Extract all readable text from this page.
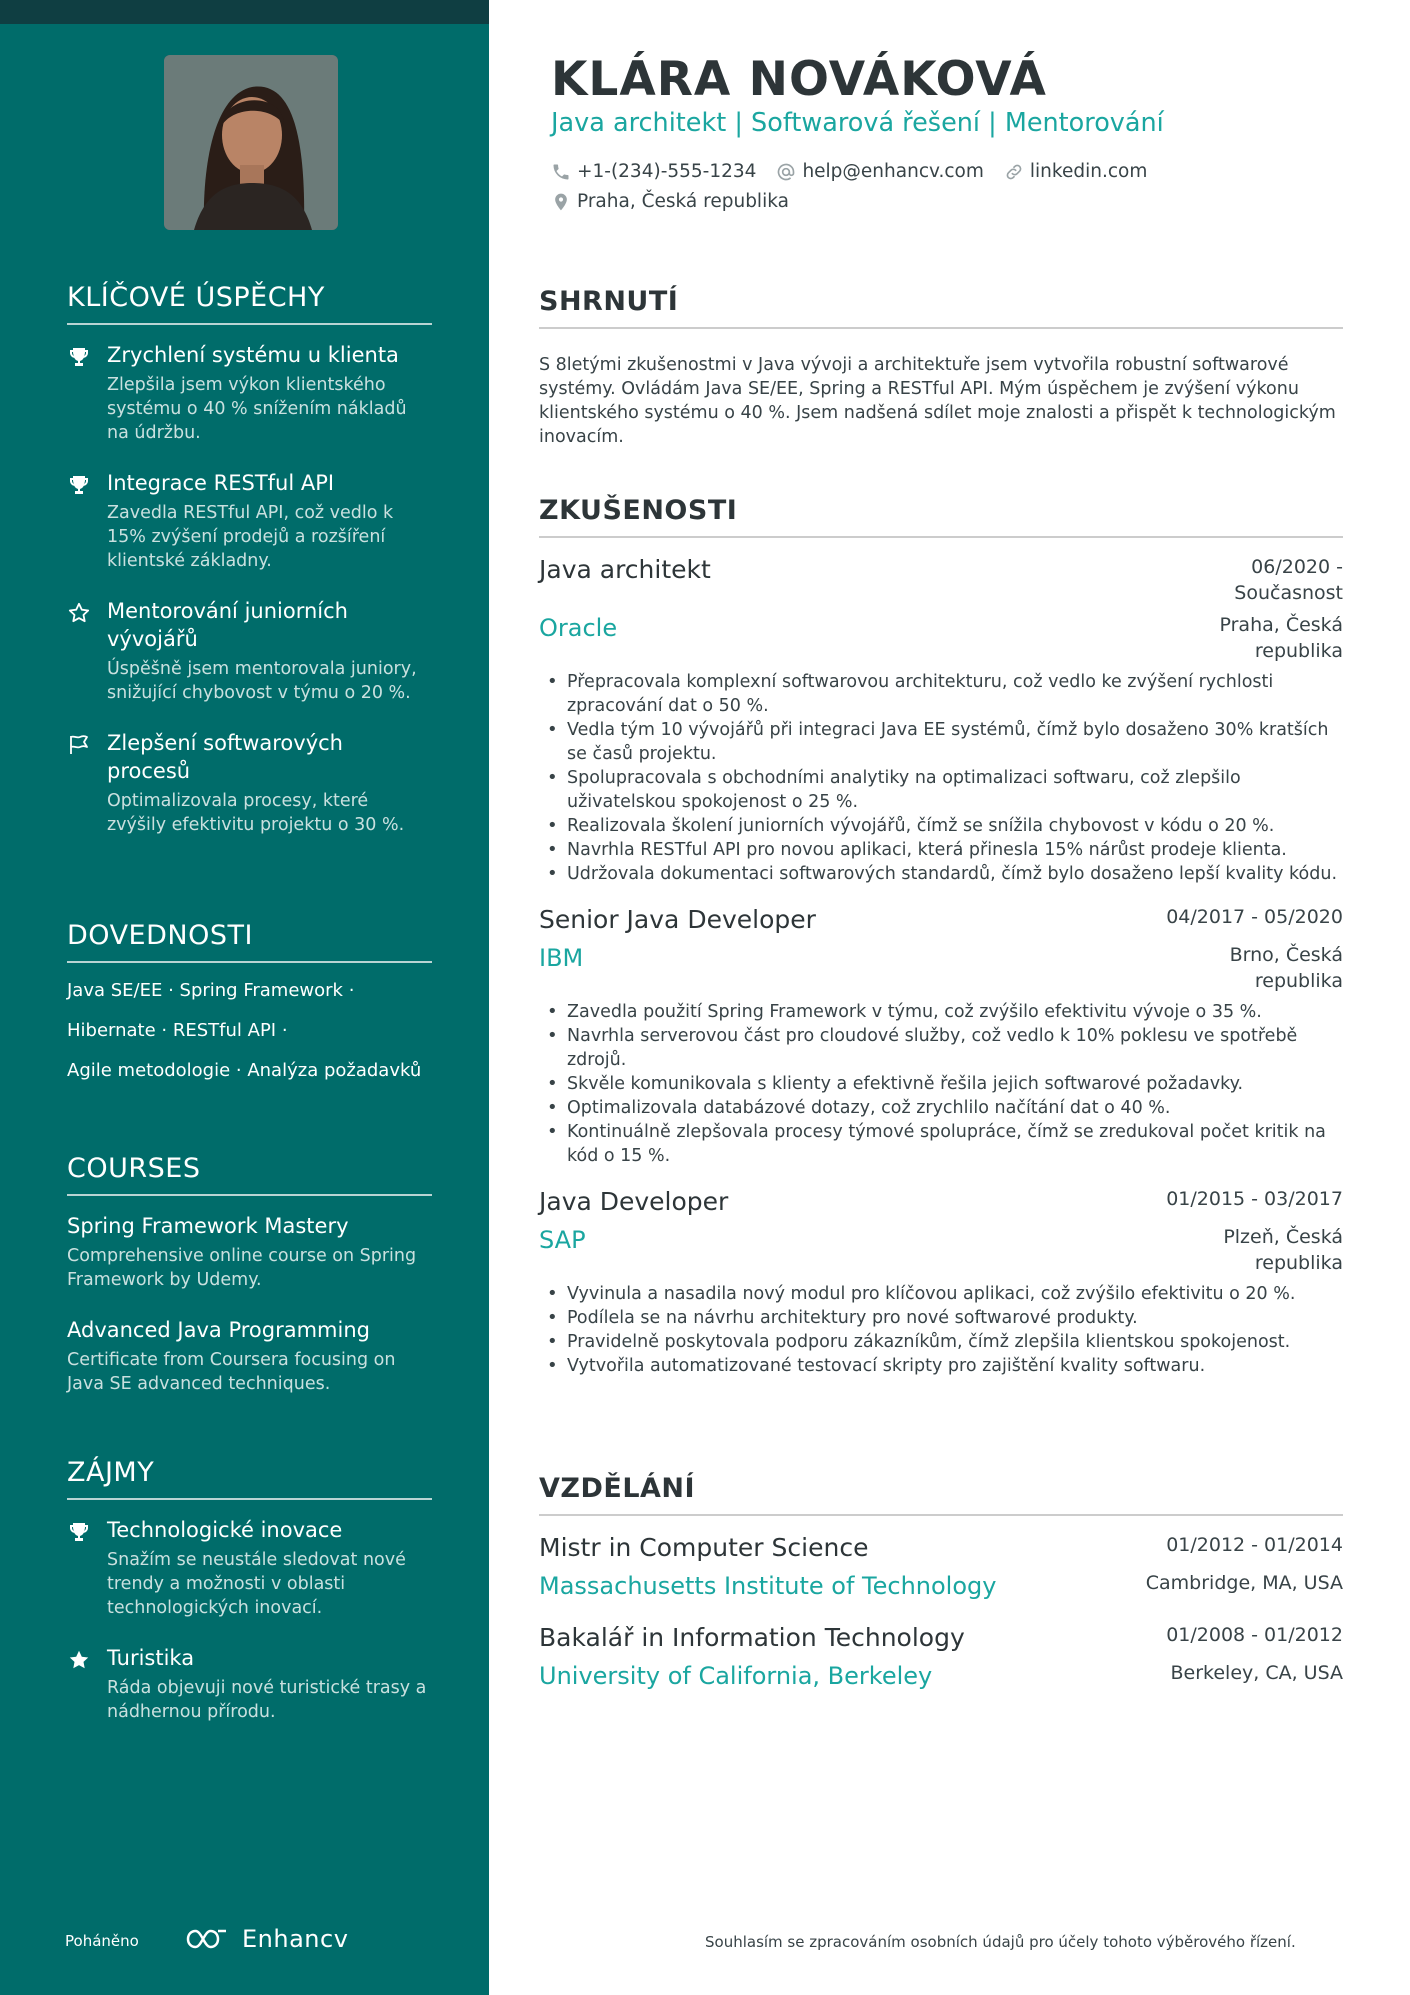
KLÍČOVÉ ÚSPĚCHY
Zrychlení systému u klienta
Zlepšila jsem výkon klientského systému o 40 % snížením nákladů na údržbu.
Integrace RESTful API
Zavedla RESTful API, což vedlo k 15% zvýšení prodejů a rozšíření klientské základny.
Mentorování juniorních vývojářů
Úspěšně jsem mentorovala juniory, snižující chybovost v týmu o 20 %.
Zlepšení softwarových procesů
Optimalizovala procesy, které zvýšily efektivitu projektu o 30 %.
DOVEDNOSTI
Java SE/EE · Spring Framework ·
Hibernate · RESTful API ·
Agile metodologie · Analýza požadavků
COURSES
Spring Framework Mastery
Comprehensive online course on Spring Framework by Udemy.
Advanced Java Programming
Certificate from Coursera focusing on Java SE advanced techniques.
ZÁJMY
Technologické inovace
Snažím se neustále sledovat nové trendy a možnosti v oblasti technologických inovací.
Turistika
Ráda objevuji nové turistické trasy a nádhernou přírodu.
Poháněno	Enhancv
KLÁRA NOVÁKOVÁ
Java architekt | Softwarová řešení | Mentorování
+1-(234)-555-1234 help@enhancv.com linkedin.com
Praha, Česká republika
SHRNUTÍ

S 8letými zkušenostmi v Java vývoji a architektuře jsem vytvořila robustní softwarové systémy. Ovládám Java SE/EE, Spring a RESTful API. Mým úspěchem je zvýšení výkonu klientského systému o 40 %. Jsem nadšená sdílet moje znalosti a přispět k technologickým inovacím.

ZKUŠENOSTI
Java architekt	06/2020 - Současnost
Oracle	Praha, Česká republika
• Přepracovala komplexní softwarovou architekturu, což vedlo ke zvýšení rychlosti zpracování dat o 50 %.
• Vedla tým 10 vývojářů při integraci Java EE systémů, čímž bylo dosaženo 30% kratších se časů projektu.
• Spolupracovala s obchodními analytiky na optimalizaci softwaru, což zlepšilo uživatelskou spokojenost o 25 %.
• Realizovala školení juniorních vývojářů, čímž se snížila chybovost v kódu o 20 %.
• Navrhla RESTful API pro novou aplikaci, která přinesla 15% nárůst prodeje klienta.
• Udržovala dokumentaci softwarových standardů, čímž bylo dosaženo lepší kvality kódu.
Senior Java Developer	04/2017 - 05/2020
IBM	Brno, Česká republika
• Zavedla použití Spring Framework v týmu, což zvýšilo efektivitu vývoje o 35 %.
• Navrhla serverovou část pro cloudové služby, což vedlo k 10% poklesu ve spotřebě zdrojů.
• Skvěle komunikovala s klienty a efektivně řešila jejich softwarové požadavky.
• Optimalizovala databázové dotazy, což zrychlilo načítání dat o 40 %.
• Kontinuálně zlepšovala procesy týmové spolupráce, čímž se zredukoval počet kritik na kód o 15 %.
Java Developer	01/2015 - 03/2017
SAP	Plzeň, Česká republika
• Vyvinula a nasadila nový modul pro klíčovou aplikaci, což zvýšilo efektivitu o 20 %.
• Podílela se na návrhu architektury pro nové softwarové produkty.
• Pravidelně poskytovala podporu zákazníkům, čímž zlepšila klientskou spokojenost.
• Vytvořila automatizované testovací skripty pro zajištění kvality softwaru.
VZDĚLÁNÍ
Mistr in Computer Science	01/2012 - 01/2014
Massachusetts Institute of Technology	Cambridge, MA, USA
Bakalář in Information Technology	01/2008 - 01/2012
University of California, Berkeley	Berkeley, CA, USA
Souhlasím se zpracováním osobních údajů pro účely tohoto výběrového řízení.
